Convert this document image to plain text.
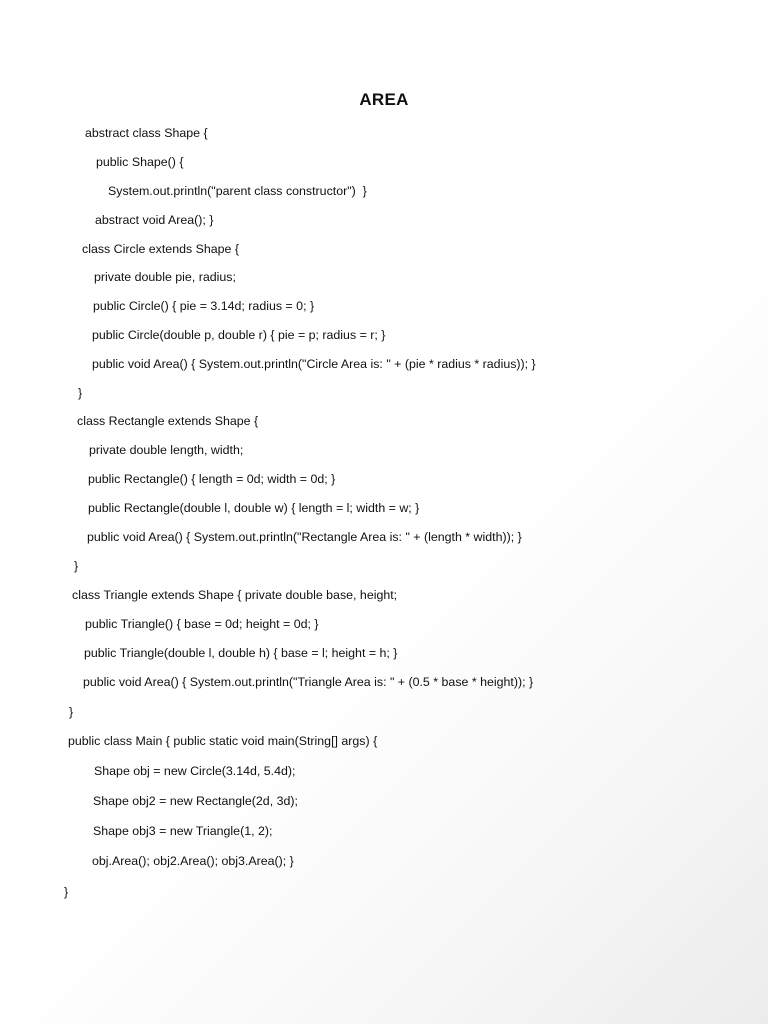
AREA
abstract class Shape {
public Shape() {
System.out.println("parent class constructor")  }
abstract void Area(); }
class Circle extends Shape {
private double pie, radius;
public Circle() { pie = 3.14d; radius = 0; }
public Circle(double p, double r) { pie = p; radius = r; }
public void Area() { System.out.println("Circle Area is: " + (pie * radius * radius)); }
}
class Rectangle extends Shape {
private double length, width;
public Rectangle() { length = 0d; width = 0d; }
public Rectangle(double l, double w) { length = l; width = w; }
public void Area() { System.out.println("Rectangle Area is: " + (length * width)); }
}
class Triangle extends Shape { private double base, height;
public Triangle() { base = 0d; height = 0d; }
public Triangle(double l, double h) { base = l; height = h; }
public void Area() { System.out.println("Triangle Area is: " + (0.5 * base * height)); }
}
public class Main { public static void main(String[] args) {
Shape obj = new Circle(3.14d, 5.4d);
Shape obj2 = new Rectangle(2d, 3d);
Shape obj3 = new Triangle(1, 2);
obj.Area(); obj2.Area(); obj3.Area(); }
}
